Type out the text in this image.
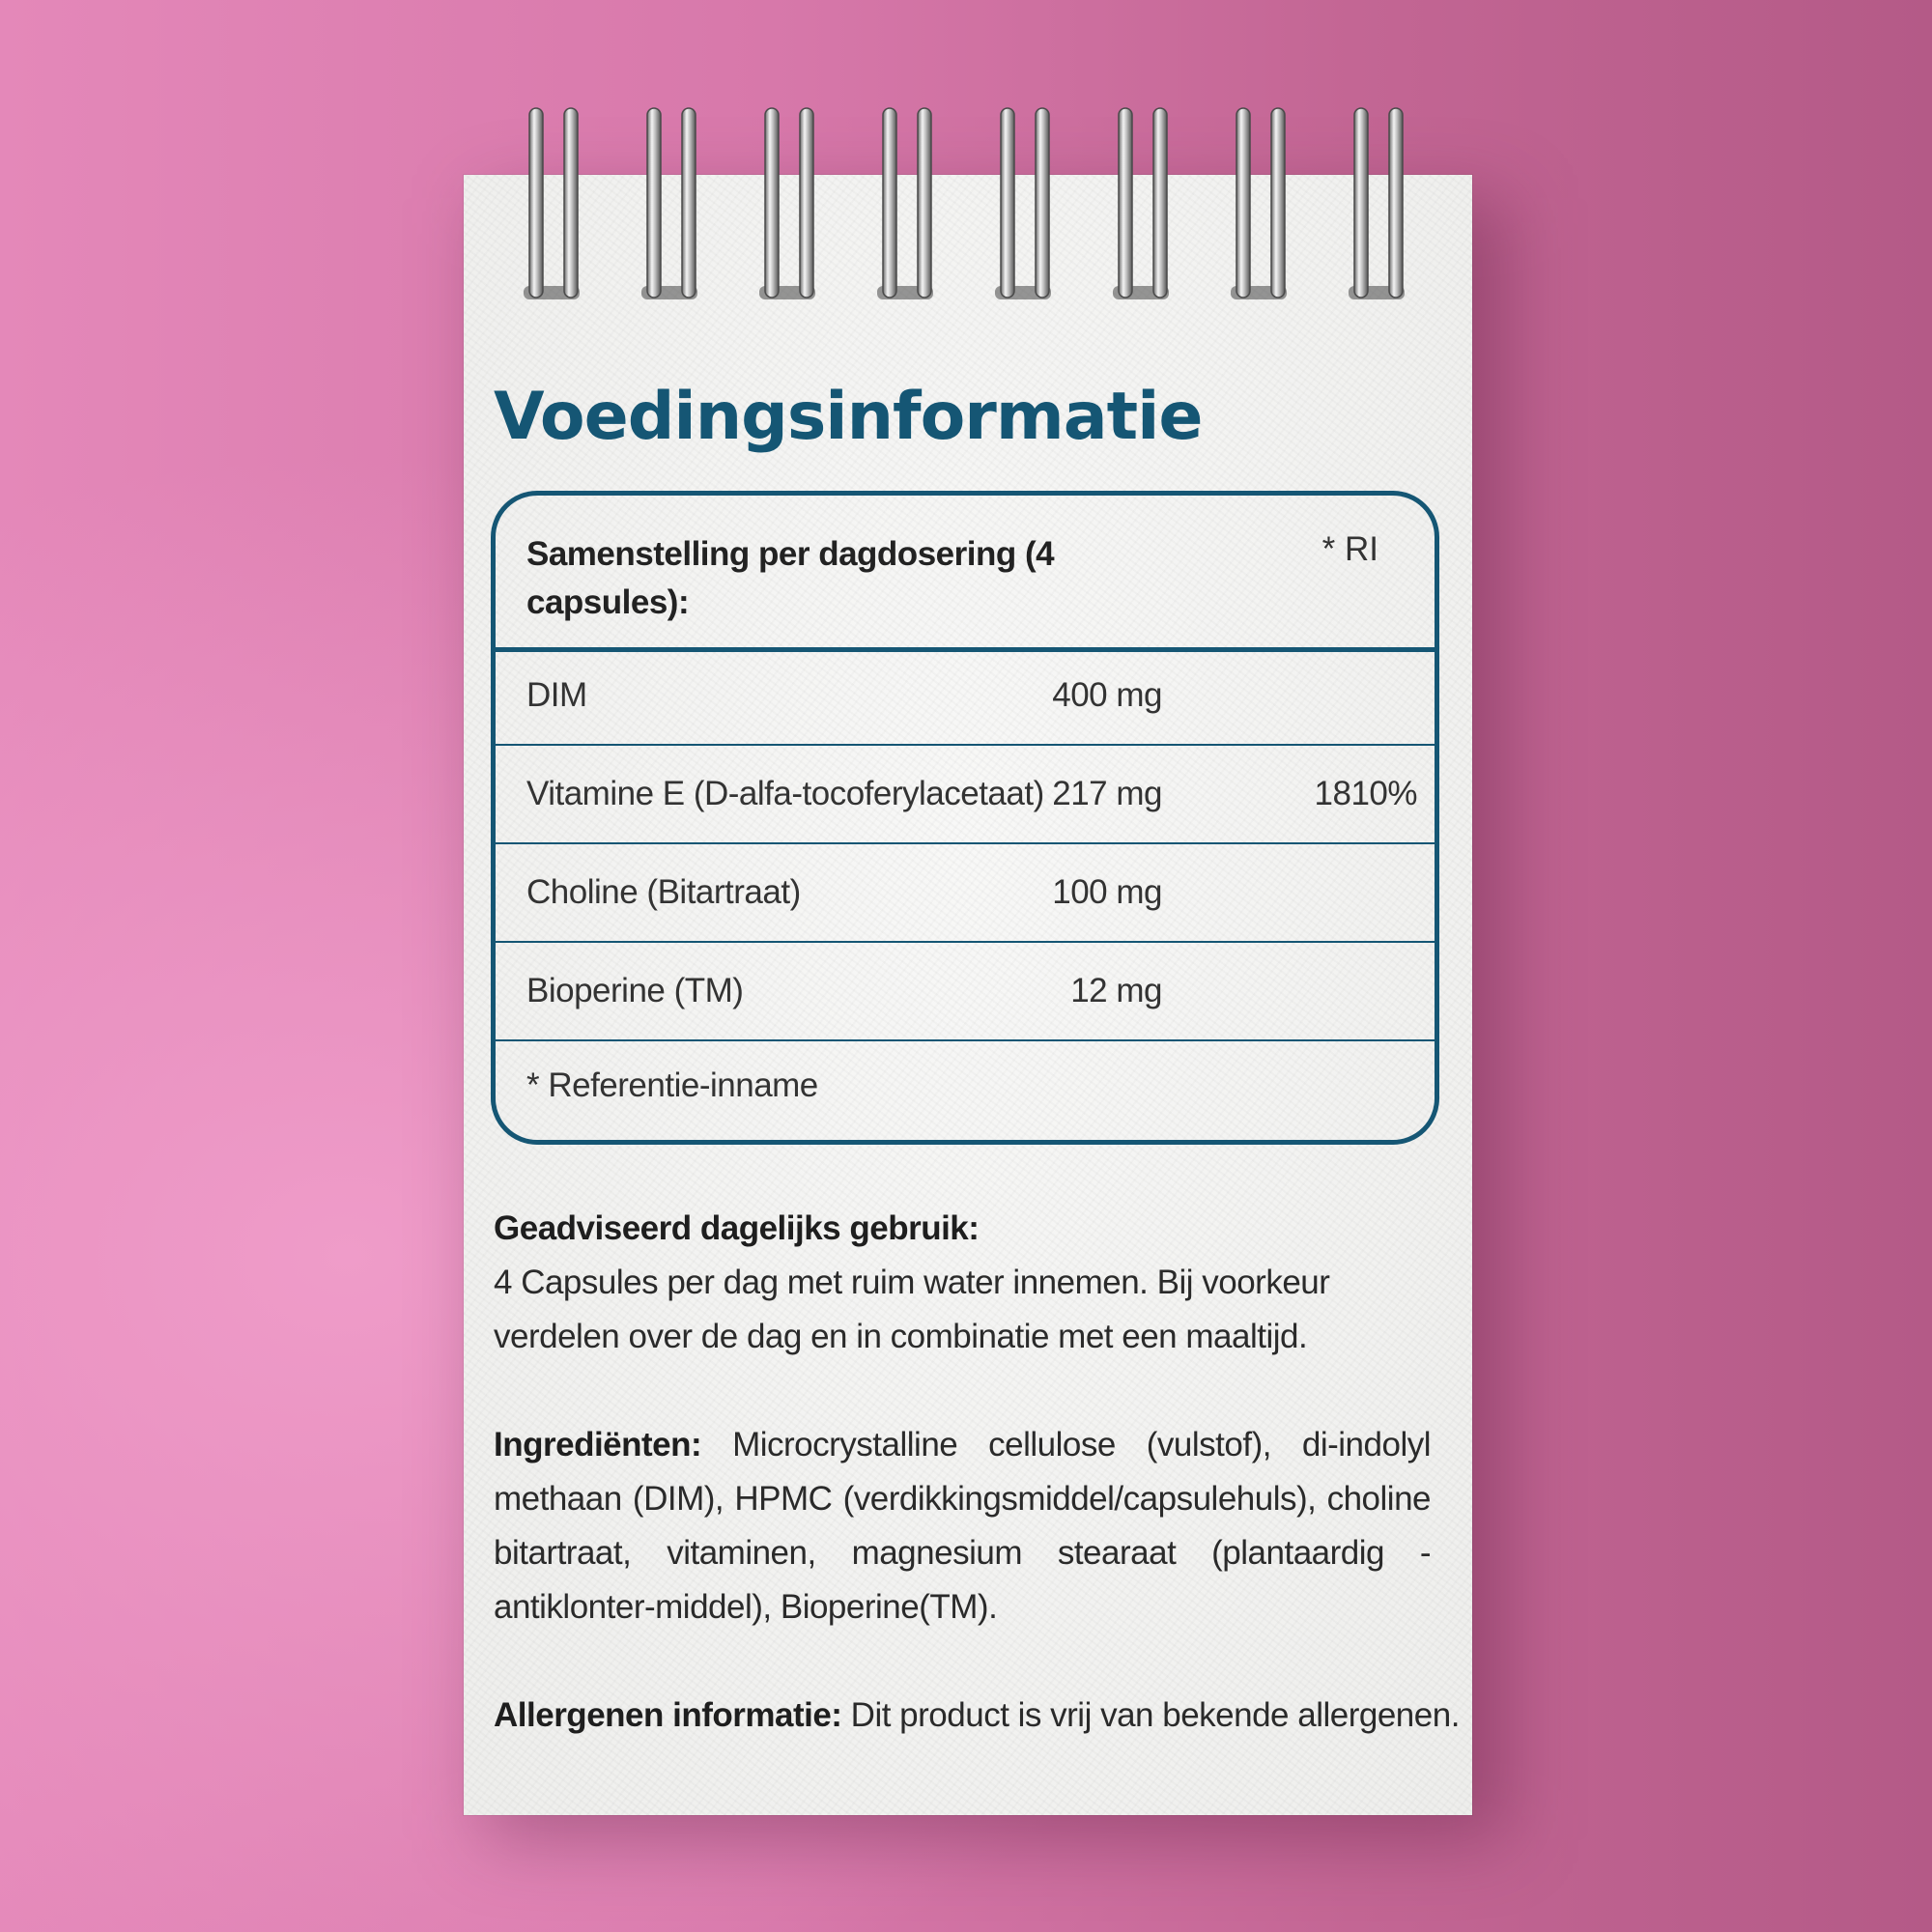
Voedingsinformatie
Samenstelling per dagdosering (4 capsules):
* RI
DIM	400 mg
Vitamine E (D-alfa-tocoferylacetaat) 217 mg	1810%
Choline (Bitartraat)	100 mg
Bioperine (TM)	12 mg
* Referentie-inname
Geadviseerd dagelijks gebruik:
4 Capsules per dag met ruim water innemen. Bij voorkeur verdelen over de dag en in combinatie met een maaltijd.
Ingrediënten: Microcrystalline cellulose (vulstof), di-indolyl methaan (DIM), HPMC (verdikkingsmiddel/capsulehuls), choline bitartraat, vitaminen, magnesium stearaat (plantaardig - antiklonter-middel), Bioperine(TM).
Allergenen informatie: Dit product is vrij van bekende allergenen.
